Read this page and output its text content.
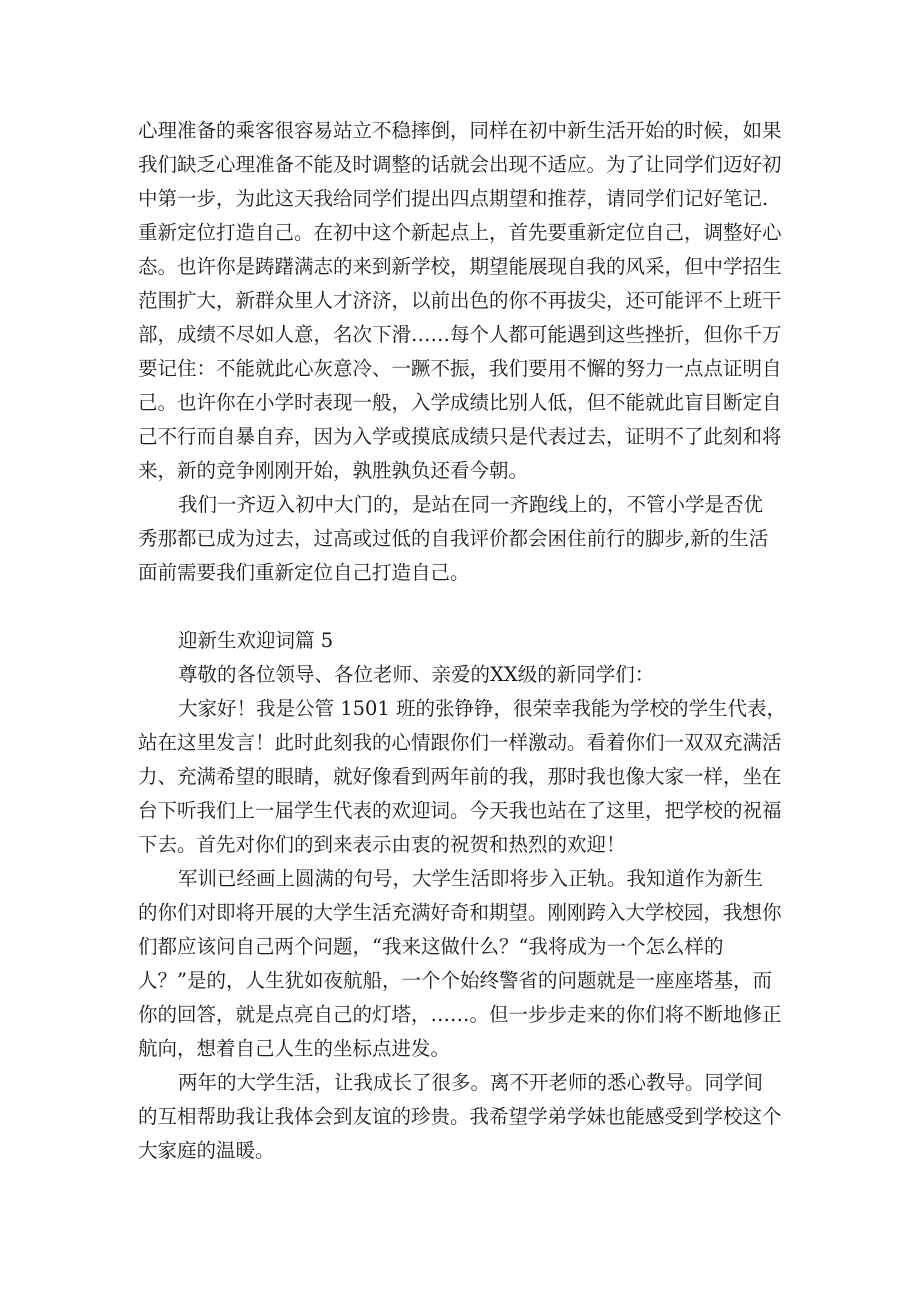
心理准备的乘客很容易站立不稳摔倒，同样在初中新生活开始的时候，如果
我们缺乏心理准备不能及时调整的话就会出现不适应。为了让同学们迈好初
中第一步，为此这天我给同学们提出四点期望和推荐，请同学们记好笔记.
重新定位打造自己。在初中这个新起点上，首先要重新定位自己，调整好心
态。也许你是踌躇满志的来到新学校，期望能展现自我的风采，但中学招生
范围扩大，新群众里人才济济，以前出色的你不再拔尖，还可能评不上班干
部，成绩不尽如人意，名次下滑……每个人都可能遇到这些挫折，但你千万
要记住：不能就此心灰意冷、一蹶不振，我们要用不懈的努力一点点证明自
己。也许你在小学时表现一般，入学成绩比别人低，但不能就此盲目断定自
己不行而自暴自弃，因为入学或摸底成绩只是代表过去，证明不了此刻和将
来，新的竞争刚刚开始，孰胜孰负还看今朝。
我们一齐迈入初中大门的，是站在同一齐跑线上的，不管小学是否优
秀那都已成为过去，过高或过低的自我评价都会困住前行的脚步,新的生活
面前需要我们重新定位自己打造自己。
迎新生欢迎词篇 5
尊敬的各位领导、各位老师、亲爱的XX级的新同学们：
大家好！我是公管 1501 班的张铮铮，很荣幸我能为学校的学生代表，
站在这里发言！此时此刻我的心情跟你们一样激动。看着你们一双双充满活
力、充满希望的眼睛，就好像看到两年前的我，那时我也像大家一样，坐在
台下听我们上一届学生代表的欢迎词。今天我也站在了这里，把学校的祝福
下去。首先对你们的到来表示由衷的祝贺和热烈的欢迎！
军训已经画上圆满的句号，大学生活即将步入正轨。我知道作为新生
的你们对即将开展的大学生活充满好奇和期望。刚刚跨入大学校园，我想你
们都应该问自己两个问题，“我来这做什么？“我将成为一个怎么样的
人？”是的，人生犹如夜航船，一个个始终警省的问题就是一座座塔基，而
你的回答，就是点亮自己的灯塔，……。但一步步走来的你们将不断地修正
航向，想着自己人生的坐标点进发。
两年的大学生活，让我成长了很多。离不开老师的悉心教导。同学间
的互相帮助我让我体会到友谊的珍贵。我希望学弟学妹也能感受到学校这个
大家庭的温暖。
